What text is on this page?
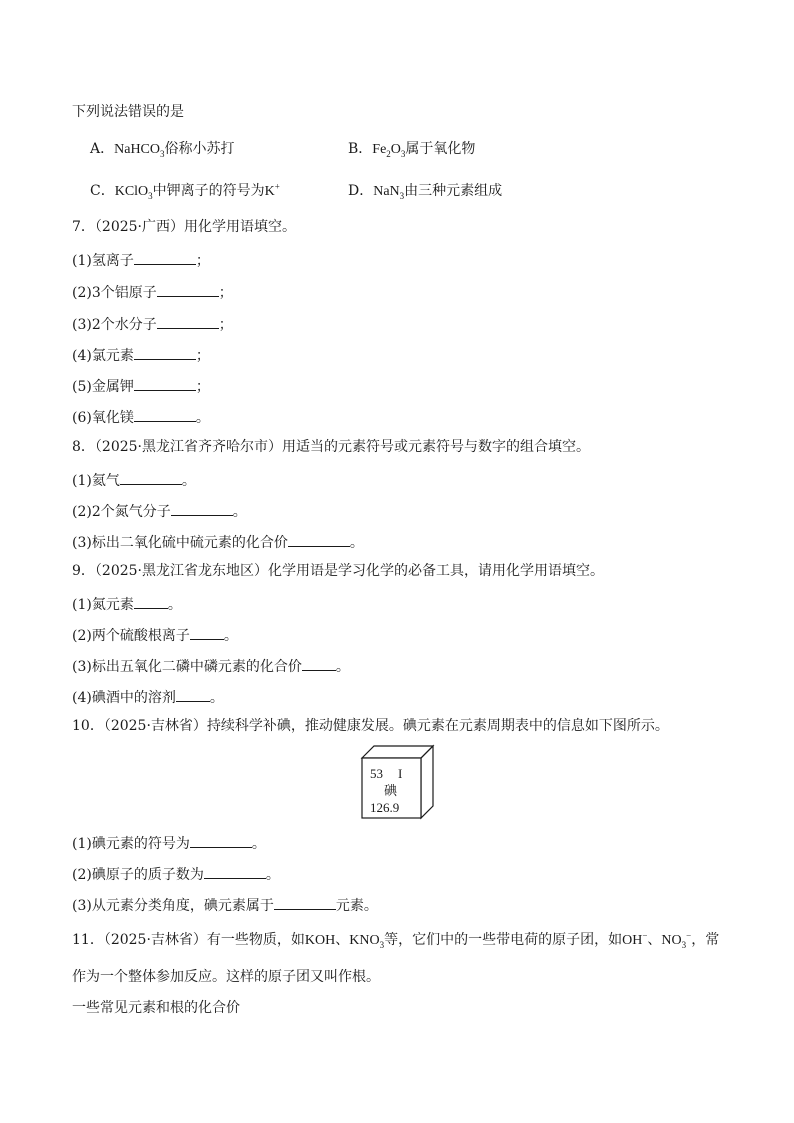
下列说法错误的是
A．NaHCO$_3$俗称小苏打	B．$Fe_2O_3$属于氧化物
C．KClO$_3$中钾离子的符号为K+	D．NaN$_3$由三种元素组成
7．（2025·广西）用化学用语填空。
(1)氢离子	；
(2)3个铝原子	；
(3)2个水分子	；
(4)氯元素	；
(5)金属钾	；
(6)氧化镁	。
8．（2025·黑龙江省齐齐哈尔市）用适当的元素符号或元素符号与数字的组合填空。
(1)氦气	。
(2)2个氮气分子	。
(3)标出二氧化硫中硫元素的化合价	。
9．（2025·黑龙江省龙东地区）化学用语是学习化学的必备工具，请用化学用语填空。
(1)氮元素 。
(2)两个硫酸根离子 。
(3)标出五氧化二磷中磷元素的化合价 。
(4)碘酒中的溶剂 。
10．（2025·吉林省）持续科学补碘，推动健康发展。碘元素在元素周期表中的信息如下图所示。
53 I
碘
126.9
(1)碘元素的符号为	。
(2)碘原子的质子数为	。
(3)从元素分类角度，碘元素属于	元素。
11．（2025·吉林省）有一些物质，如KOH、$KNO_3$等，它们中的一些带电荷的原子团，如OH−、$NO_3^-$，常
作为一个整体参加反应。这样的原子团又叫作根。
一些常见元素和根的化合价
